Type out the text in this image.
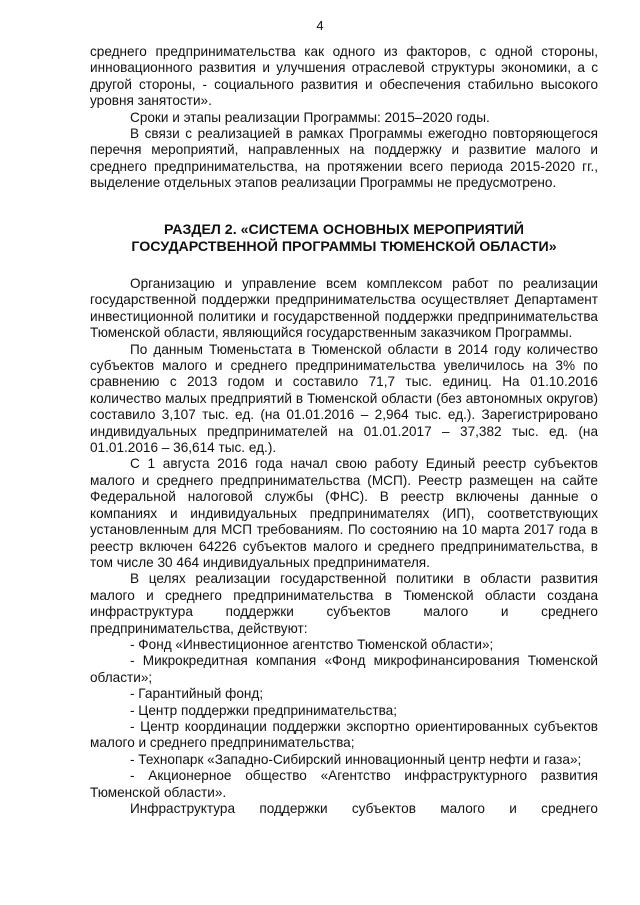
4

среднего предпринимательства как одного из факторов, с одной стороны, инновационного развития и улучшения отраслевой структуры экономики, а с другой стороны, - социального развития и обеспечения стабильно высокого уровня занятости».

Сроки и этапы реализации Программы: 2015–2020 годы.

В связи с реализацией в рамках Программы ежегодно повторяющегося перечня мероприятий, направленных на поддержку и развитие малого и среднего предпринимательства, на протяжении всего периода 2015-2020 гг., выделение отдельных этапов реализации Программы не предусмотрено.

РАЗДЕЛ 2. «СИСТЕМА ОСНОВНЫХ МЕРОПРИЯТИЙ
ГОСУДАРСТВЕННОЙ ПРОГРАММЫ ТЮМЕНСКОЙ ОБЛАСТИ»

Организацию и управление всем комплексом работ по реализации государственной поддержки предпринимательства осуществляет Департамент инвестиционной политики и государственной поддержки предпринимательства Тюменской области, являющийся государственным заказчиком Программы.

По данным Тюменьстата в Тюменской области в 2014 году количество субъектов малого и среднего предпринимательства увеличилось на 3% по сравнению с 2013 годом и составило 71,7 тыс. единиц. На 01.10.2016 количество малых предприятий в Тюменской области (без автономных округов) составило 3,107 тыс. ед. (на 01.01.2016 – 2,964 тыс. ед.). Зарегистрировано индивидуальных предпринимателей на 01.01.2017 – 37,382 тыс. ед. (на 01.01.2016 – 36,614 тыс. ед.).

С 1 августа 2016 года начал свою работу Единый реестр субъектов малого и среднего предпринимательства (МСП). Реестр размещен на сайте Федеральной налоговой службы (ФНС). В реестр включены данные о компаниях и индивидуальных предпринимателях (ИП), соответствующих установленным для МСП требованиям. По состоянию на 10 марта 2017 года в реестр включен 64226 субъектов малого и среднего предпринимательства, в том числе 30 464 индивидуальных предпринимателя.

В целях реализации государственной политики в области развития малого и среднего предпринимательства в Тюменской области создана инфраструктура поддержки субъектов малого и среднего предпринимательства, действуют:

- Фонд «Инвестиционное агентство Тюменской области»;

- Микрокредитная компания «Фонд микрофинансирования Тюменской области»;

- Гарантийный фонд;

- Центр поддержки предпринимательства;

- Центр координации поддержки экспортно ориентированных субъектов малого и среднего предпринимательства;

- Технопарк «Западно-Сибирский инновационный центр нефти и газа»;

- Акционерное общество «Агентство инфраструктурного развития Тюменской области».

Инфраструктура поддержки субъектов малого и среднего
